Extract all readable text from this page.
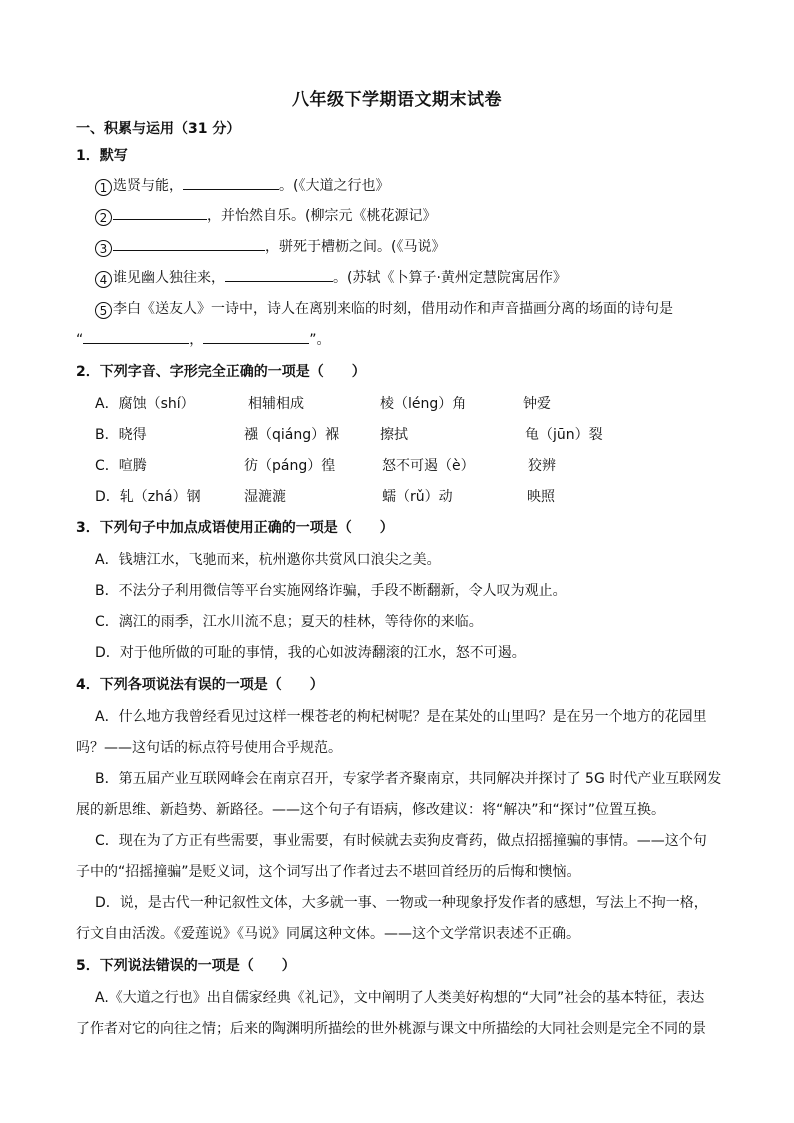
八年级下学期语文期末试卷
一、积累与运用（31 分）
1．默写
1 选贤与能，	。(《大道之行也》
2	，并怡然自乐。(柳宗元《桃花源记》
3	，骈死于槽枥之间。(《马说》
4 谁见幽人独往来，	。(苏轼《卜算子·黄州定慧院寓居作》
5 李白《送友人》一诗中，诗人在离别来临的时刻，借用动作和声音描画分离的场面的诗句是
“	，	”。
2．下列字音、字形完全正确的一项是（　　）
A．腐蚀（shí）	相辅相成	棱（léng）角	钟爱
B．晓得	襁（qiáng）褓	擦拭	龟（jūn）裂
C．喧腾	彷（páng）徨	怒不可遏（è）	狡辨
D．轧（zhá）钢	湿漉漉	蠕（rǔ）动	映照
3．下列句子中加点成语使用正确的一项是（　　）
A．钱塘江水，飞驰而来，杭州邀你共赏风口浪尖之美。
B．不法分子利用微信等平台实施网络诈骗，手段不断翻新，令人叹为观止。
C．漓江的雨季，江水川流不息；夏天的桂林，等待你的来临。
D．对于他所做的可耻的事情，我的心如波涛翻滚的江水，怒不可遏。
4．下列各项说法有误的一项是（　　）
A．什么地方我曾经看见过这样一棵苍老的枸杞树呢？是在某处的山里吗？是在另一个地方的花园里
吗？——这句话的标点符号使用合乎规范。
B．第五届产业互联网峰会在南京召开，专家学者齐聚南京，共同解决并探讨了 5G 时代产业互联网发
展的新思维、新趋势、新路径。——这个句子有语病，修改建议：将“解决”和“探讨”位置互换。
C．现在为了方正有些需要，事业需要，有时候就去卖狗皮膏药，做点招摇撞骗的事情。——这个句
子中的“招摇撞骗”是贬义词，这个词写出了作者过去不堪回首经历的后悔和懊恼。
D．说，是古代一种记叙性文体，大多就一事、一物或一种现象抒发作者的感想，写法上不拘一格，
行文自由活泼。《爱莲说》《马说》同属这种文体。——这个文学常识表述不正确。
5．下列说法错误的一项是（　　）
A.《大道之行也》出自儒家经典《礼记》，文中阐明了人类美好构想的“大同”社会的基本特征，表达
了作者对它的向往之情；后来的陶渊明所描绘的世外桃源与课文中所描绘的大同社会则是完全不同的景
